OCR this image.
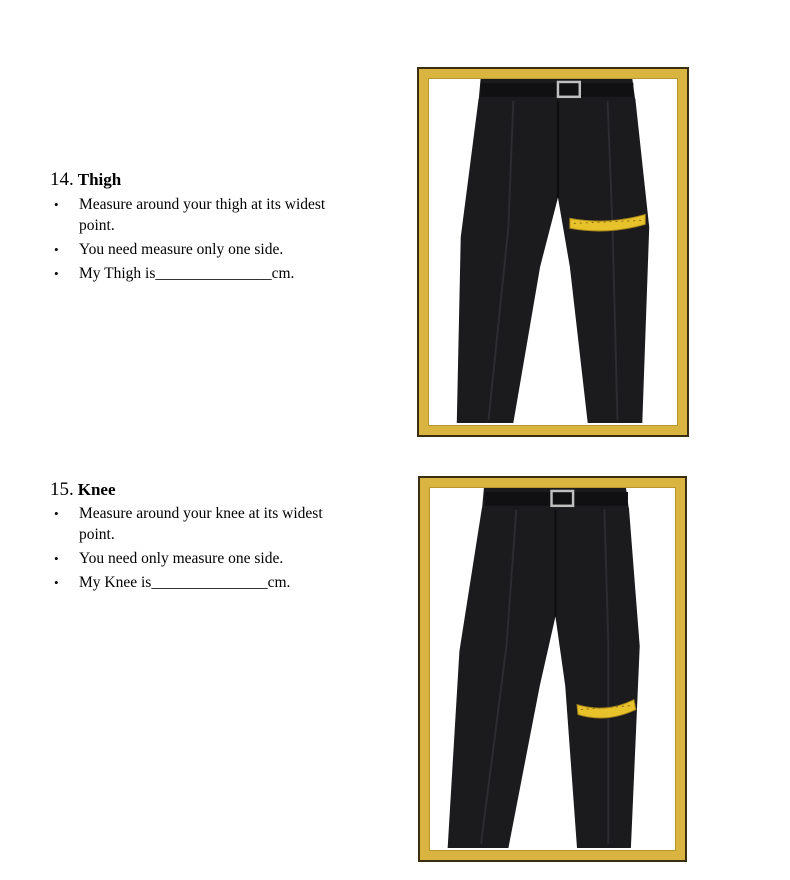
14. Thigh
• Measure around your thigh at its widest point.
• You need measure only one side.
• My Thigh is_______________cm.
15. Knee
• Measure around your knee at its widest point.
• You need only measure one side.
• My Knee is_______________cm.
